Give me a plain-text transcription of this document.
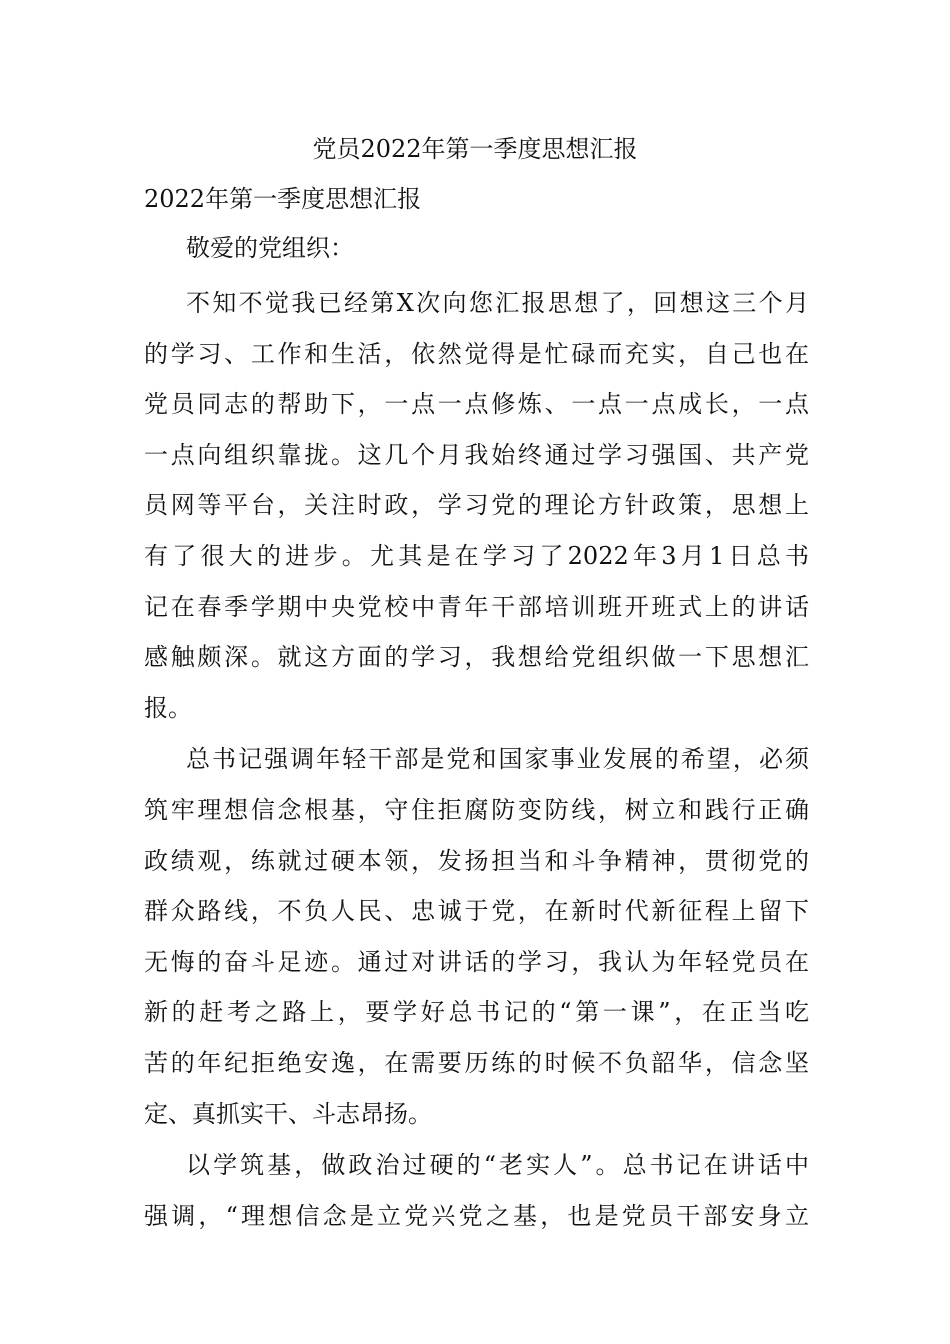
党员2022年第一季度思想汇报
2022年第一季度思想汇报
敬爱的党组织：
不知不觉我已经第X次向您汇报思想了，回想这三个月
的学习、工作和生活，依然觉得是忙碌而充实，自己也在
党员同志的帮助下，一点一点修炼、一点一点成长，一点
一点向组织靠拢。这几个月我始终通过学习强国、共产党
员网等平台，关注时政，学习党的理论方针政策，思想上
有了很大的进步。尤其是在学习了2022年3月1日总书
记在春季学期中央党校中青年干部培训班开班式上的讲话
感触颇深。就这方面的学习，我想给党组织做一下思想汇
报。
总书记强调年轻干部是党和国家事业发展的希望，必须
筑牢理想信念根基，守住拒腐防变防线，树立和践行正确
政绩观，练就过硬本领，发扬担当和斗争精神，贯彻党的
群众路线，不负人民、忠诚于党，在新时代新征程上留下
无悔的奋斗足迹。通过对讲话的学习，我认为年轻党员在
新的赶考之路上，要学好总书记的“第一课”，在正当吃
苦的年纪拒绝安逸，在需要历练的时候不负韶华，信念坚
定、真抓实干、斗志昂扬。
以学筑基，做政治过硬的“老实人”。总书记在讲话中
强调，“理想信念是立党兴党之基，也是党员干部安身立
